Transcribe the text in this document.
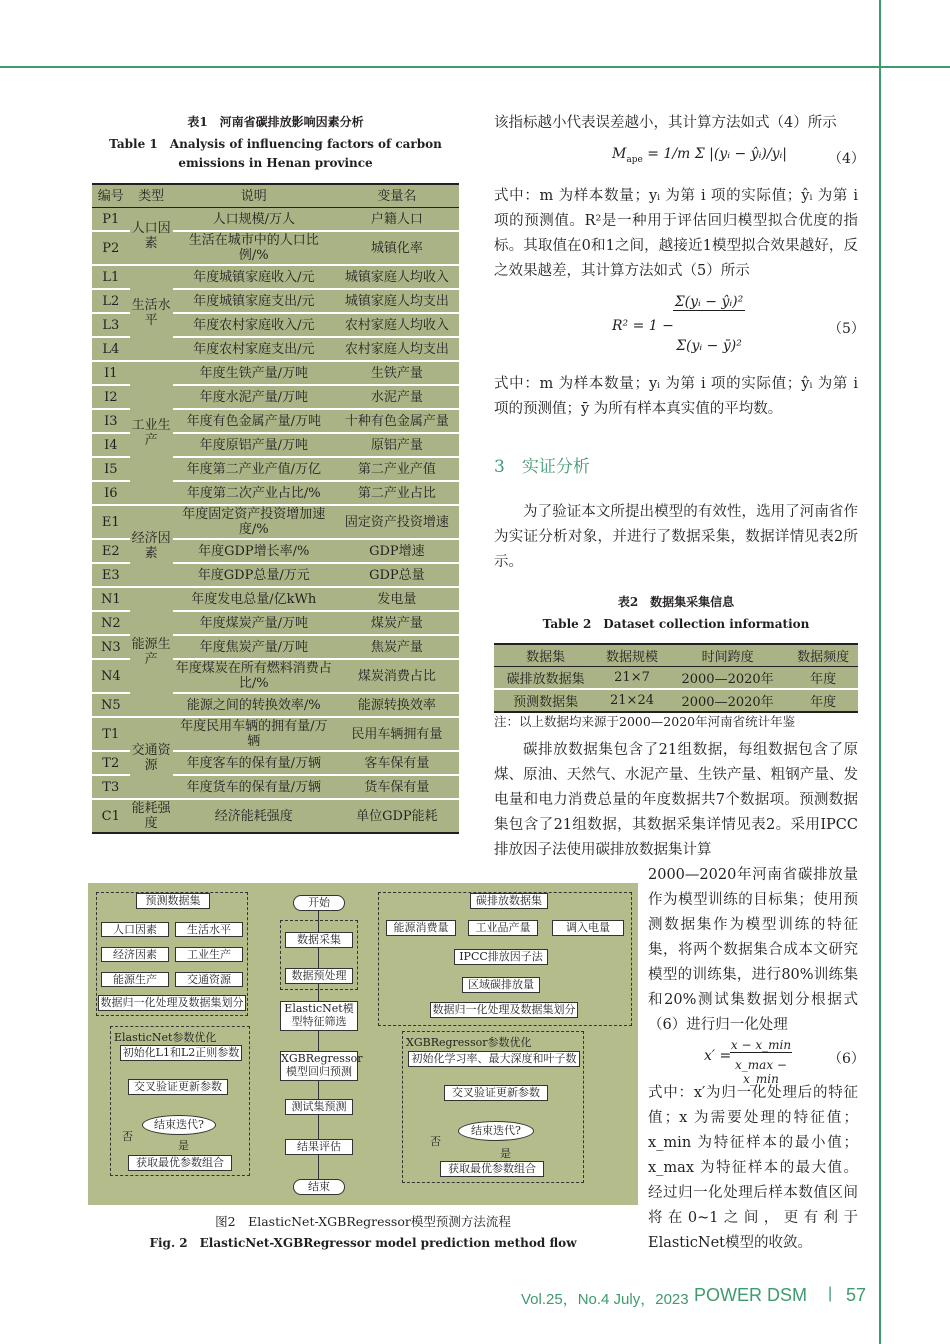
表1　河南省碳排放影响因素分析
Table 1　Analysis of influencing factors of carbon
emissions in Henan province
编号	类型	说明	变量名
P1	人口因素	人口规模/万人	户籍人口
P2		生活在城市中的人口比例/%	城镇化率
L1	生活水平	年度城镇家庭收入/元	城镇家庭人均收入
L2		年度城镇家庭支出/元	城镇家庭人均支出
L3		年度农村家庭收入/元	农村家庭人均收入
L4		年度农村家庭支出/元	农村家庭人均支出
I1	工业生产	年度生铁产量/万吨	生铁产量
I2		年度水泥产量/万吨	水泥产量
I3		年度有色金属产量/万吨	十种有色金属产量
I4		年度原铝产量/万吨	原铝产量
I5		年度第二产业产值/万亿	第二产业产值
I6		年度第二次产业占比/%	第二产业占比
E1	经济因素	年度固定资产投资增加速度/%	固定资产投资增速
E2		年度GDP增长率/%	GDP增速
E3		年度GDP总量/万元	GDP总量
N1	能源生产	年度发电总量/亿kWh	发电量
N2		年度煤炭产量/万吨	煤炭产量
N3		年度焦炭产量/万吨	焦炭产量
N4		年度煤炭在所有燃料消费占比/%	煤炭消费占比
N5		能源之间的转换效率/%	能源转换效率
T1	交通资源	年度民用车辆的拥有量/万辆	民用车辆拥有量
T2		年度客车的保有量/万辆	客车保有量
T3		年度货车的保有量/万辆	货车保有量
C1	能耗强度	经济能耗强度	单位GDP能耗
该指标越小代表误差越小，其计算方法如式（4）所示
$M_{ape} = 1/m$ Σ |(yᵢ − ŷᵢ)/yᵢ|	（4）
式中：m 为样本数量；yᵢ 为第 i 项的实际值；ŷᵢ 为第 i 项的预测值。R²是一种用于评估回归模型拟合优度的指标。其取值在0和1之间，越接近1模型拟合效果越好，反之效果越差，其计算方法如式（5）所示
R² = 1 −
Σ(yᵢ − ŷᵢ)²
Σ(yᵢ − ȳ)²
（5）
式中：m 为样本数量；yᵢ 为第 i 项的实际值；ŷᵢ 为第 i 项的预测值；ȳ 为所有样本真实值的平均数。
3　实证分析
为了验证本文所提出模型的有效性，选用了河南省作为实证分析对象，并进行了数据采集，数据详情见表2所示。
表2　数据集采集信息
Table 2　Dataset collection information
数据集	数据规模	时间跨度	数据频度
碳排放数据集	21×7	2000—2020年	年度
预测数据集	21×24	2000—2020年	年度
注：以上数据均来源于2000—2020年河南省统计年鉴
碳排放数据集包含了21组数据，每组数据包含了原煤、原油、天然气、水泥产量、生铁产量、粗钢产量、发电量和电力消费总量的年度数据共7个数据项。预测数据集包含了21组数据，其数据采集详情见表2。采用IPCC排放因子法使用碳排放数据集计算
2000—2020年河南省碳排放量作为模型训练的目标集；使用预测数据集作为模型训练的特征集，将两个数据集合成本文研究模型的训练集，进行80%训练集和20%测试集数据划分根据式（6）进行归一化处理
x′ =
x − x_min
x_max − x_min
（6）
式中：x′为归一化处理后的特征值；x 为需要处理的特征值；x_min 为特征样本的最小值；x_max 为特征样本的最大值。经过归一化处理后样本数值区间将在0~1之间，更有利于ElasticNet模型的收敛。
预测数据集
人口因素	生活水平
经济因素	工业生产
能源生产	交通资源
数据归一化处理及数据集划分
ElasticNet参数优化
初始化L1和L2正则参数
交叉验证更新参数
结束迭代?
否
是
获取最优参数组合
开始
数据采集
数据预处理
ElasticNet模型特征筛选
XGBRegressor模型回归预测
测试集预测
结果评估
结束
碳排放数据集
能源消费量	工业品产量	调入电量
IPCC排放因子法
区域碳排放量
数据归一化处理及数据集划分
XGBRegressor参数优化
初始化学习率、最大深度和叶子数
交叉验证更新参数
结束迭代?
否
是
获取最优参数组合
图2　ElasticNet-XGBRegressor模型预测方法流程
Fig. 2　ElasticNet-XGBRegressor model prediction method flow
Vol.25，No.4 July，2023 POWER DSM | 57
